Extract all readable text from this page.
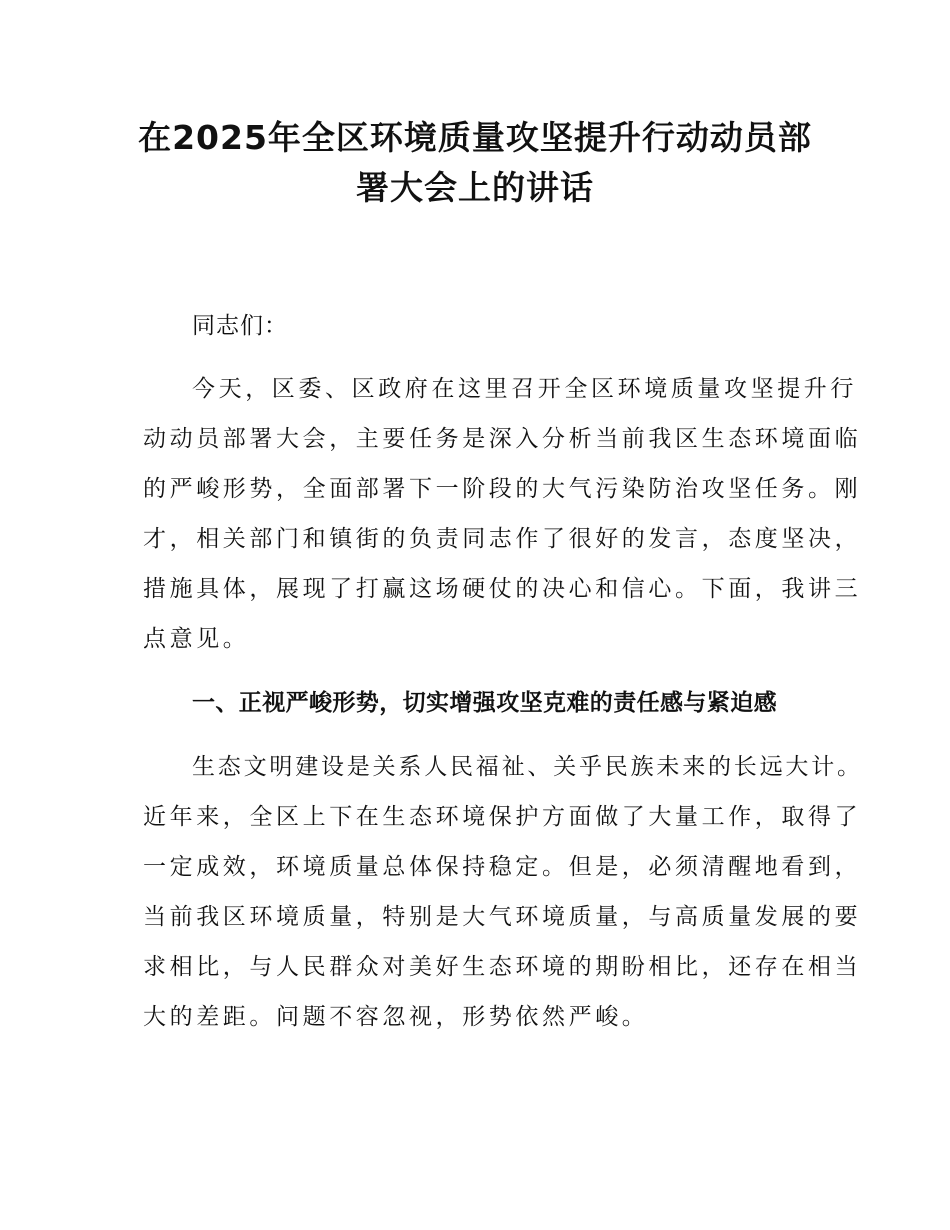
在2025年全区环境质量攻坚提升行动动员部
署大会上的讲话

同志们：

今天，区委、区政府在这里召开全区环境质量攻坚提升行

动动员部署大会，主要任务是深入分析当前我区生态环境面临

的严峻形势，全面部署下一阶段的大气污染防治攻坚任务。刚

才，相关部门和镇街的负责同志作了很好的发言，态度坚决，

措施具体，展现了打赢这场硬仗的决心和信心。下面，我讲三

点意见。

一、正视严峻形势，切实增强攻坚克难的责任感与紧迫感

生态文明建设是关系人民福祉、关乎民族未来的长远大计。

近年来，全区上下在生态环境保护方面做了大量工作，取得了

一定成效，环境质量总体保持稳定。但是，必须清醒地看到，

当前我区环境质量，特别是大气环境质量，与高质量发展的要

求相比，与人民群众对美好生态环境的期盼相比，还存在相当

大的差距。问题不容忽视，形势依然严峻。
